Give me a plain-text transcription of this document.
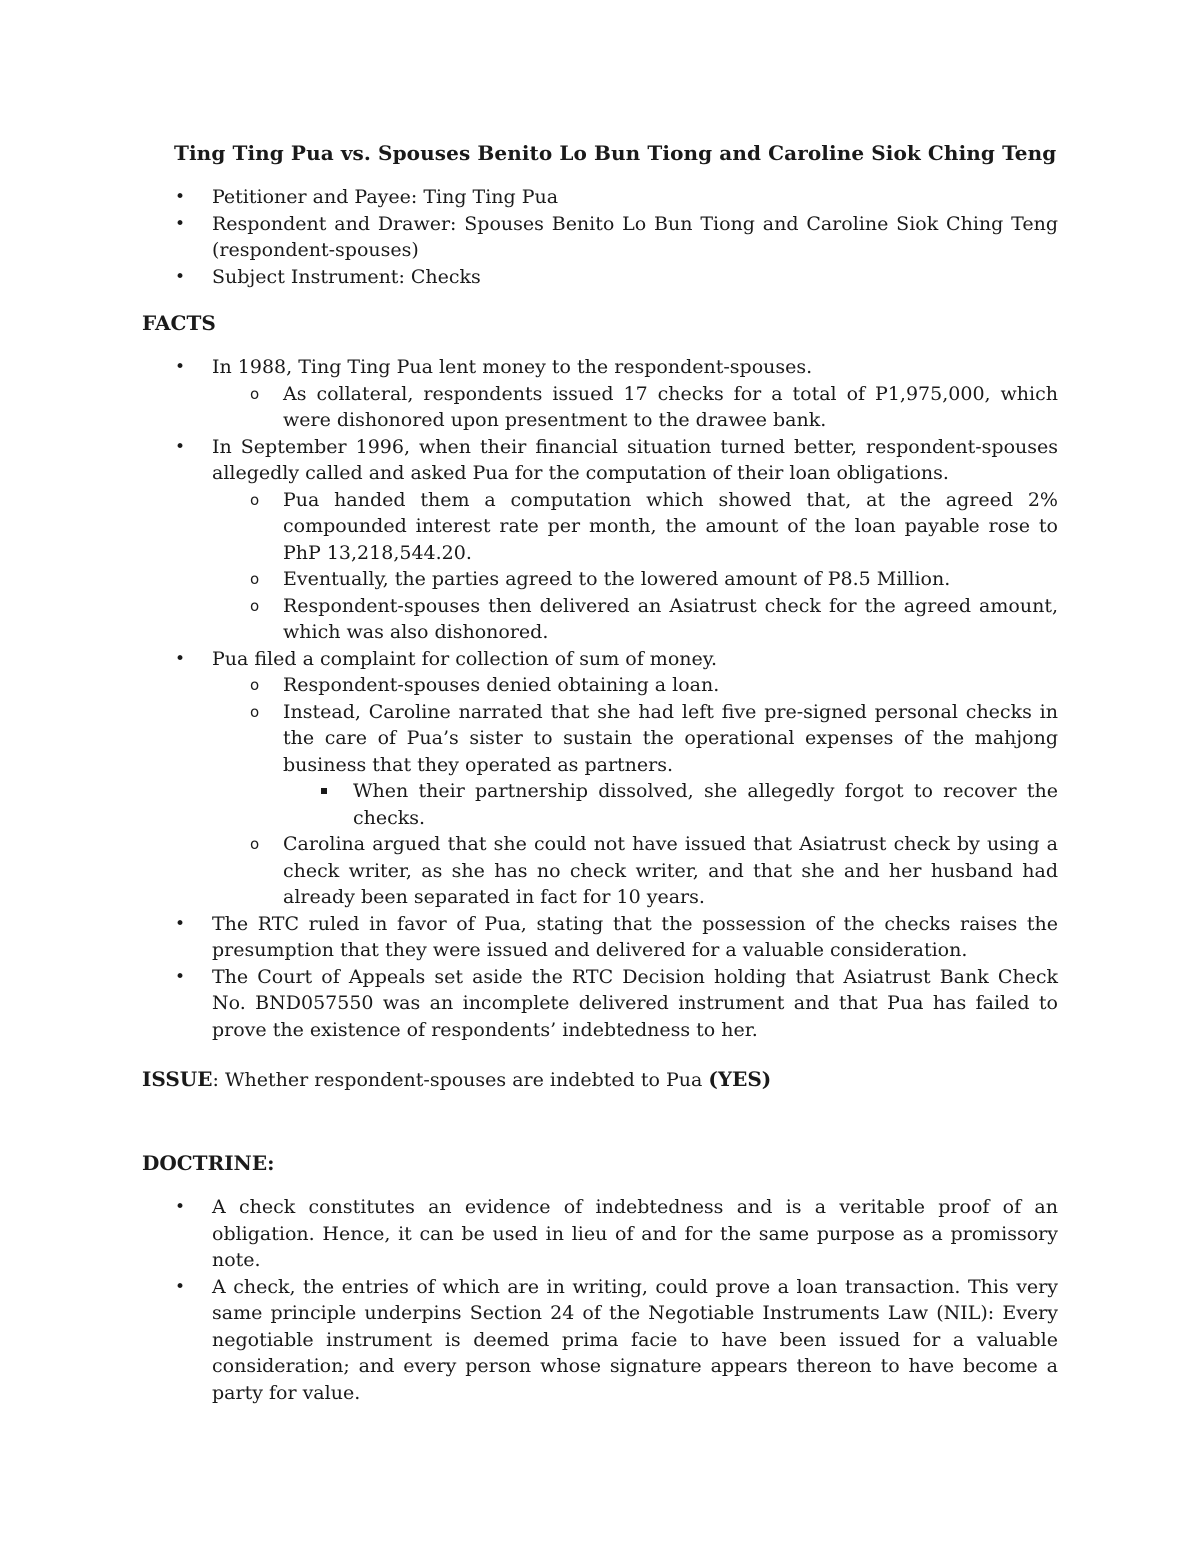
Ting Ting Pua vs. Spouses Benito Lo Bun Tiong and Caroline Siok Ching Teng
• Petitioner and Payee: Ting Ting Pua
• Respondent and Drawer: Spouses Benito Lo Bun Tiong and Caroline Siok Ching Teng (respondent-spouses)
• Subject Instrument: Checks
FACTS
• In 1988, Ting Ting Pua lent money to the respondent-spouses.
o As collateral, respondents issued 17 checks for a total of P1,975,000, which were dishonored upon presentment to the drawee bank.
• In September 1996, when their financial situation turned better, respondent-spouses allegedly called and asked Pua for the computation of their loan obligations.
o Pua handed them a computation which showed that, at the agreed 2% compounded interest rate per month, the amount of the loan payable rose to PhP 13,218,544.20.
o Eventually, the parties agreed to the lowered amount of P8.5 Million.
o Respondent-spouses then delivered an Asiatrust check for the agreed amount, which was also dishonored.
• Pua filed a complaint for collection of sum of money.
o Respondent-spouses denied obtaining a loan.
o Instead, Caroline narrated that she had left five pre-signed personal checks in the care of Pua’s sister to sustain the operational expenses of the mahjong business that they operated as partners.
When their partnership dissolved, she allegedly forgot to recover the checks.
o Carolina argued that she could not have issued that Asiatrust check by using a check writer, as she has no check writer, and that she and her husband had already been separated in fact for 10 years.
• The RTC ruled in favor of Pua, stating that the possession of the checks raises the presumption that they were issued and delivered for a valuable consideration.
• The Court of Appeals set aside the RTC Decision holding that Asiatrust Bank Check No. BND057550 was an incomplete delivered instrument and that Pua has failed to prove the existence of respondents’ indebtedness to her.
ISSUE: Whether respondent-spouses are indebted to Pua (YES)
DOCTRINE:
• A check constitutes an evidence of indebtedness and is a veritable proof of an obligation. Hence, it can be used in lieu of and for the same purpose as a promissory note.
• A check, the entries of which are in writing, could prove a loan transaction. This very same principle underpins Section 24 of the Negotiable Instruments Law (NIL): Every negotiable instrument is deemed prima facie to have been issued for a valuable consideration; and every person whose signature appears thereon to have become a party for value.
